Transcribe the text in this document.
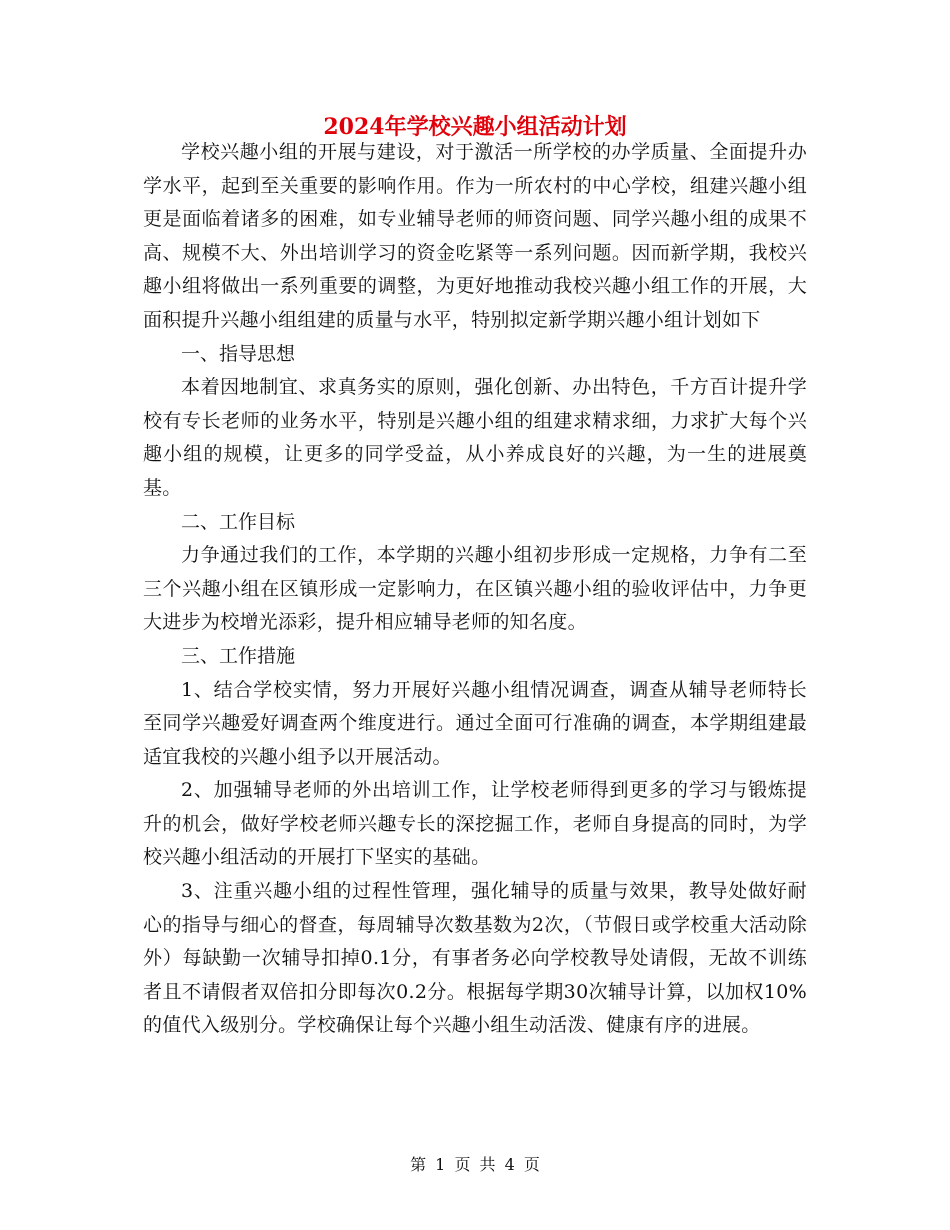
2024年学校兴趣小组活动计划

学校兴趣小组的开展与建设，对于激活一所学校的办学质量、全面提升办学水平，起到至关重要的影响作用。作为一所农村的中心学校，组建兴趣小组更是面临着诸多的困难，如专业辅导老师的师资问题、同学兴趣小组的成果不高、规模不大、外出培训学习的资金吃紧等一系列问题。因而新学期，我校兴趣小组将做出一系列重要的调整，为更好地推动我校兴趣小组工作的开展，大面积提升兴趣小组组建的质量与水平，特别拟定新学期兴趣小组计划如下

一、指导思想

本着因地制宜、求真务实的原则，强化创新、办出特色，千方百计提升学校有专长老师的业务水平，特别是兴趣小组的组建求精求细，力求扩大每个兴趣小组的规模，让更多的同学受益，从小养成良好的兴趣，为一生的进展奠基。

二、工作目标

力争通过我们的工作，本学期的兴趣小组初步形成一定规格，力争有二至三个兴趣小组在区镇形成一定影响力，在区镇兴趣小组的验收评估中，力争更大进步为校增光添彩，提升相应辅导老师的知名度。

三、工作措施

1、结合学校实情，努力开展好兴趣小组情况调查，调查从辅导老师特长至同学兴趣爱好调查两个维度进行。通过全面可行准确的调查，本学期组建最适宜我校的兴趣小组予以开展活动。

2、加强辅导老师的外出培训工作，让学校老师得到更多的学习与锻炼提升的机会，做好学校老师兴趣专长的深挖掘工作，老师自身提高的同时，为学校兴趣小组活动的开展打下坚实的基础。

3、注重兴趣小组的过程性管理，强化辅导的质量与效果，教导处做好耐心的指导与细心的督查，每周辅导次数基数为2次，（节假日或学校重大活动除外）每缺勤一次辅导扣掉0.1分，有事者务必向学校教导处请假，无故不训练者且不请假者双倍扣分即每次0.2分。根据每学期30次辅导计算，以加权10%的值代入级别分。学校确保让每个兴趣小组生动活泼、健康有序的进展。

第 1 页 共 4 页
